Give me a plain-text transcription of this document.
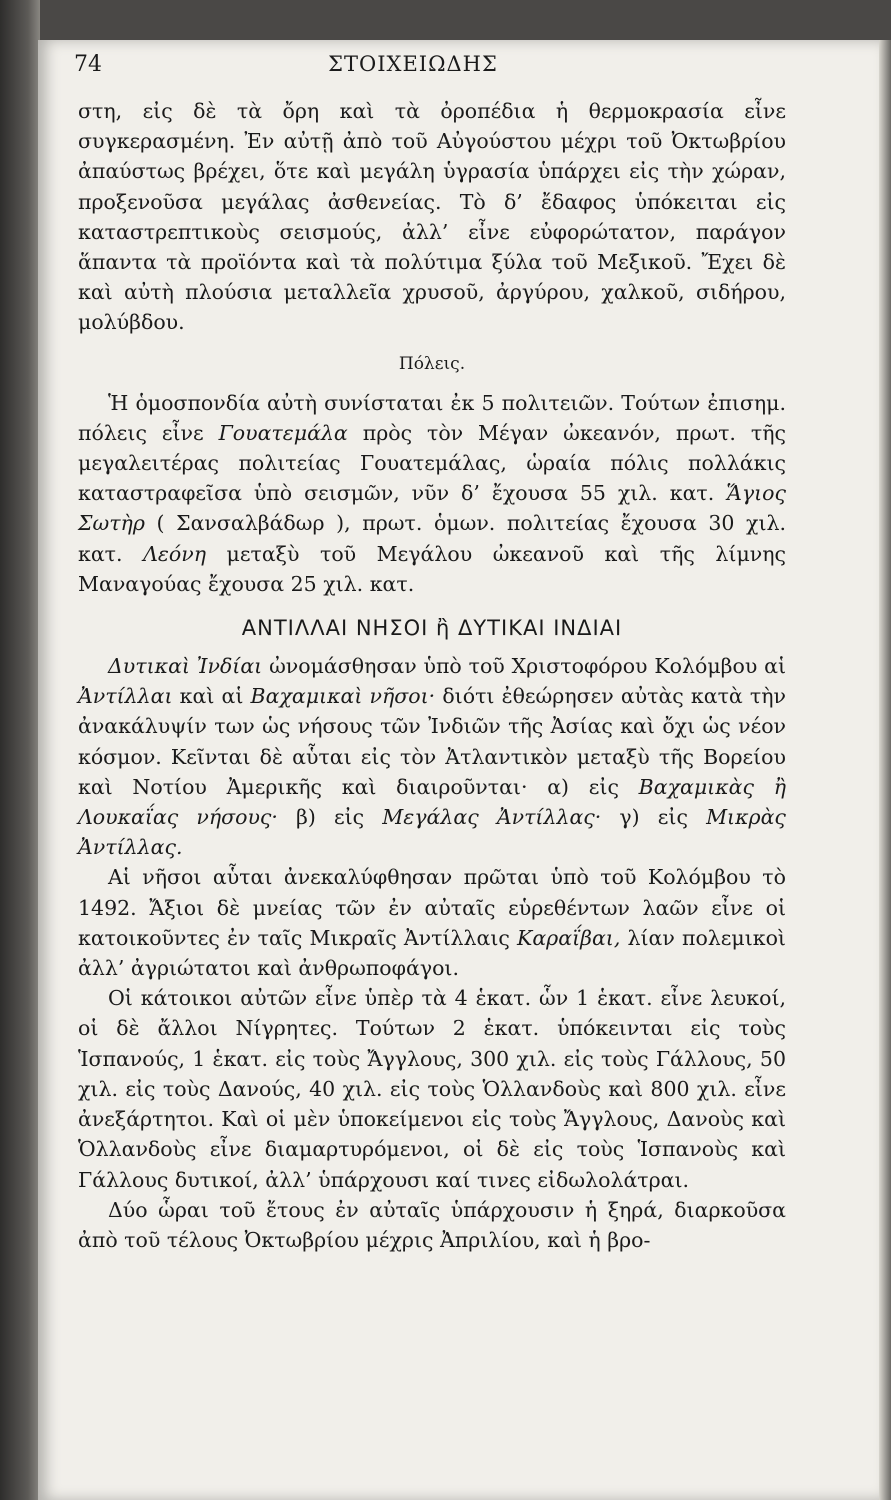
74	ΣΤΟΙΧΕΙΩΔΗΣ

στη, εἰς δὲ τὰ ὄρη καὶ τὰ ὀροπέδια ἡ θερμοκρασία εἶνε συγκερασμένη. Ἐν αὐτῇ ἀπὸ τοῦ Αὐγούστου μέχρι τοῦ Ὀκτωβρίου ἀπαύστως βρέχει, ὅτε καὶ μεγάλη ὑγρασία ὑπάρχει εἰς τὴν χώραν, προξενοῦσα μεγάλας ἀσθενείας. Τὸ δ’ ἔδαφος ὑπόκειται εἰς καταστρεπτικοὺς σεισμούς, ἀλλ’ εἶνε εὐφορώτατον, παράγον ἅπαντα τὰ προϊόντα καὶ τὰ πολύτιμα ξύλα τοῦ Μεξικοῦ. Ἔχει δὲ καὶ αὐτὴ πλούσια μεταλλεῖα χρυσοῦ, ἀργύρου, χαλκοῦ, σιδήρου, μολύβδου.

Πόλεις.

Ἡ ὁμοσπονδία αὐτὴ συνίσταται ἐκ 5 πολιτειῶν. Τούτων ἐπισημ. πόλεις εἶνε Γουατεμάλα πρὸς τὸν Μέγαν ὠκεανόν, πρωτ. τῆς μεγαλειτέρας πολιτείας Γουατεμάλας, ὡραία πόλις πολλάκις καταστραφεῖσα ὑπὸ σεισμῶν, νῦν δ’ ἔχουσα 55 χιλ. κατ. Ἅγιος Σωτὴρ ( Σανσαλβάδωρ ), πρωτ. ὁμων. πολιτείας ἔχουσα 30 χιλ. κατ. Λεόνη μεταξὺ τοῦ Μεγάλου ὠκεανοῦ καὶ τῆς λίμνης Μαναγούας ἔχουσα 25 χιλ. κατ.

ΑΝΤΙΛΛΑΙ ΝΗΣΟΙ ἢ ΔΥΤΙΚΑΙ ΙΝΔΙΑΙ

Δυτικαὶ Ἰνδίαι ὠνομάσθησαν ὑπὸ τοῦ Χριστοφόρου Κολόμβου αἱ Ἀντίλλαι καὶ αἱ Βαχαμικαὶ νῆσοι· διότι ἐθεώρησεν αὐτὰς κατὰ τὴν ἀνακάλυψίν των ὡς νήσους τῶν Ἰνδιῶν τῆς Ἀσίας καὶ ὄχι ὡς νέον κόσμον. Κεῖνται δὲ αὗται εἰς τὸν Ἀτλαντικὸν μεταξὺ τῆς Βορείου καὶ Νοτίου Ἀμερικῆς καὶ διαιροῦνται· α) εἰς Βαχαμικὰς ἢ Λουκαΐας νήσους· β) εἰς Μεγάλας Ἀντίλλας· γ) εἰς Μικρὰς Ἀντίλλας.

Αἱ νῆσοι αὗται ἀνεκαλύφθησαν πρῶται ὑπὸ τοῦ Κολόμβου τὸ 1492. Ἄξιοι δὲ μνείας τῶν ἐν αὐταῖς εὑρεθέντων λαῶν εἶνε οἱ κατοικοῦντες ἐν ταῖς Μικραῖς Ἀντίλλαις Καραΐβαι, λίαν πολεμικοὶ ἀλλ’ ἀγριώτατοι καὶ ἀνθρωποφάγοι.

Οἱ κάτοικοι αὐτῶν εἶνε ὑπὲρ τὰ 4 ἑκατ. ὧν 1 ἑκατ. εἶνε λευκοί, οἱ δὲ ἄλλοι Νίγρητες. Τούτων 2 ἑκατ. ὑπόκεινται εἰς τοὺς Ἱσπανούς, 1 ἑκατ. εἰς τοὺς Ἄγγλους, 300 χιλ. εἰς τοὺς Γάλλους, 50 χιλ. εἰς τοὺς Δανούς, 40 χιλ. εἰς τοὺς Ὁλλανδοὺς καὶ 800 χιλ. εἶνε ἀνεξάρτητοι. Καὶ οἱ μὲν ὑποκείμενοι εἰς τοὺς Ἄγγλους, Δανοὺς καὶ Ὁλλανδοὺς εἶνε διαμαρτυρόμενοι, οἱ δὲ εἰς τοὺς Ἱσπανοὺς καὶ Γάλλους δυτικοί, ἀλλ’ ὑπάρχουσι καί τινες εἰδωλολάτραι.

Δύο ὧραι τοῦ ἔτους ἐν αὐταῖς ὑπάρχουσιν ἡ ξηρά, διαρκοῦσα ἀπὸ τοῦ τέλους Ὀκτωβρίου μέχρις Ἀπριλίου, καὶ ἡ βρο-
